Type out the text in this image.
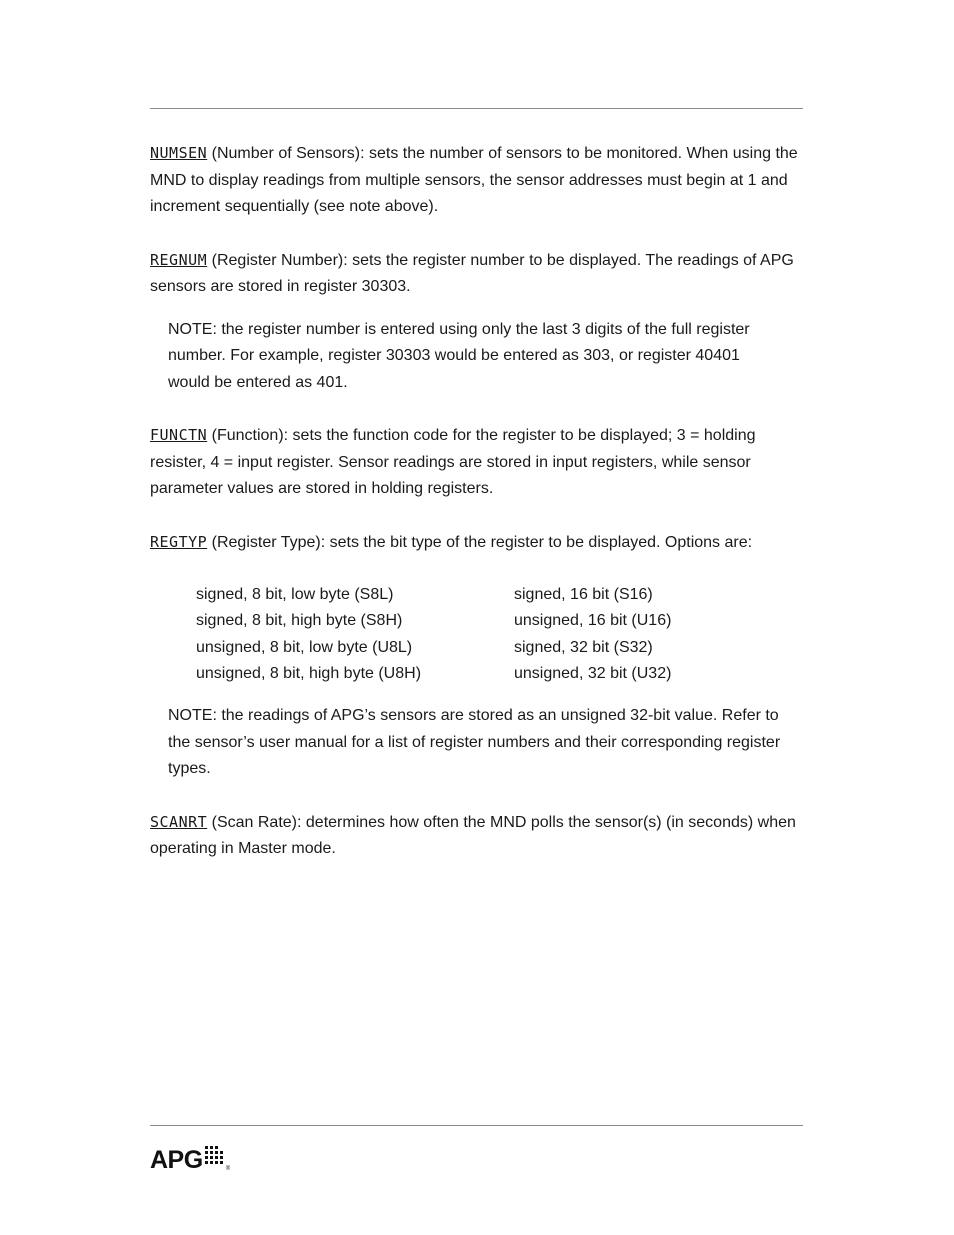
NUMSEN (Number of Sensors): sets the number of sensors to be monitored. When using the MND to display readings from multiple sensors, the sensor addresses must begin at 1 and increment sequentially (see note above).

REGNUM (Register Number): sets the register number to be displayed. The readings of APG sensors are stored in register 30303.

NOTE: the register number is entered using only the last 3 digits of the full register number. For example, register 30303 would be entered as 303, or register 40401 would be entered as 401.

FUNCTN (Function): sets the function code for the register to be displayed; 3 = holding resister, 4 = input register. Sensor readings are stored in input registers, while sensor parameter values are stored in holding registers.

REGTYP (Register Type): sets the bit type of the register to be displayed. Options are:

signed, 8 bit, low byte (S8L)	signed, 16 bit (S16)
signed, 8 bit, high byte (S8H)	unsigned, 16 bit (U16)
unsigned, 8 bit, low byte (U8L)	signed, 32 bit (S32)
unsigned, 8 bit, high byte (U8H)	unsigned, 32 bit (U32)

NOTE: the readings of APG’s sensors are stored as an unsigned 32-bit value. Refer to the sensor’s user manual for a list of register numbers and their corresponding register types.

SCANRT (Scan Rate): determines how often the MND polls the sensor(s) (in seconds) when operating in Master mode.

APG	®
